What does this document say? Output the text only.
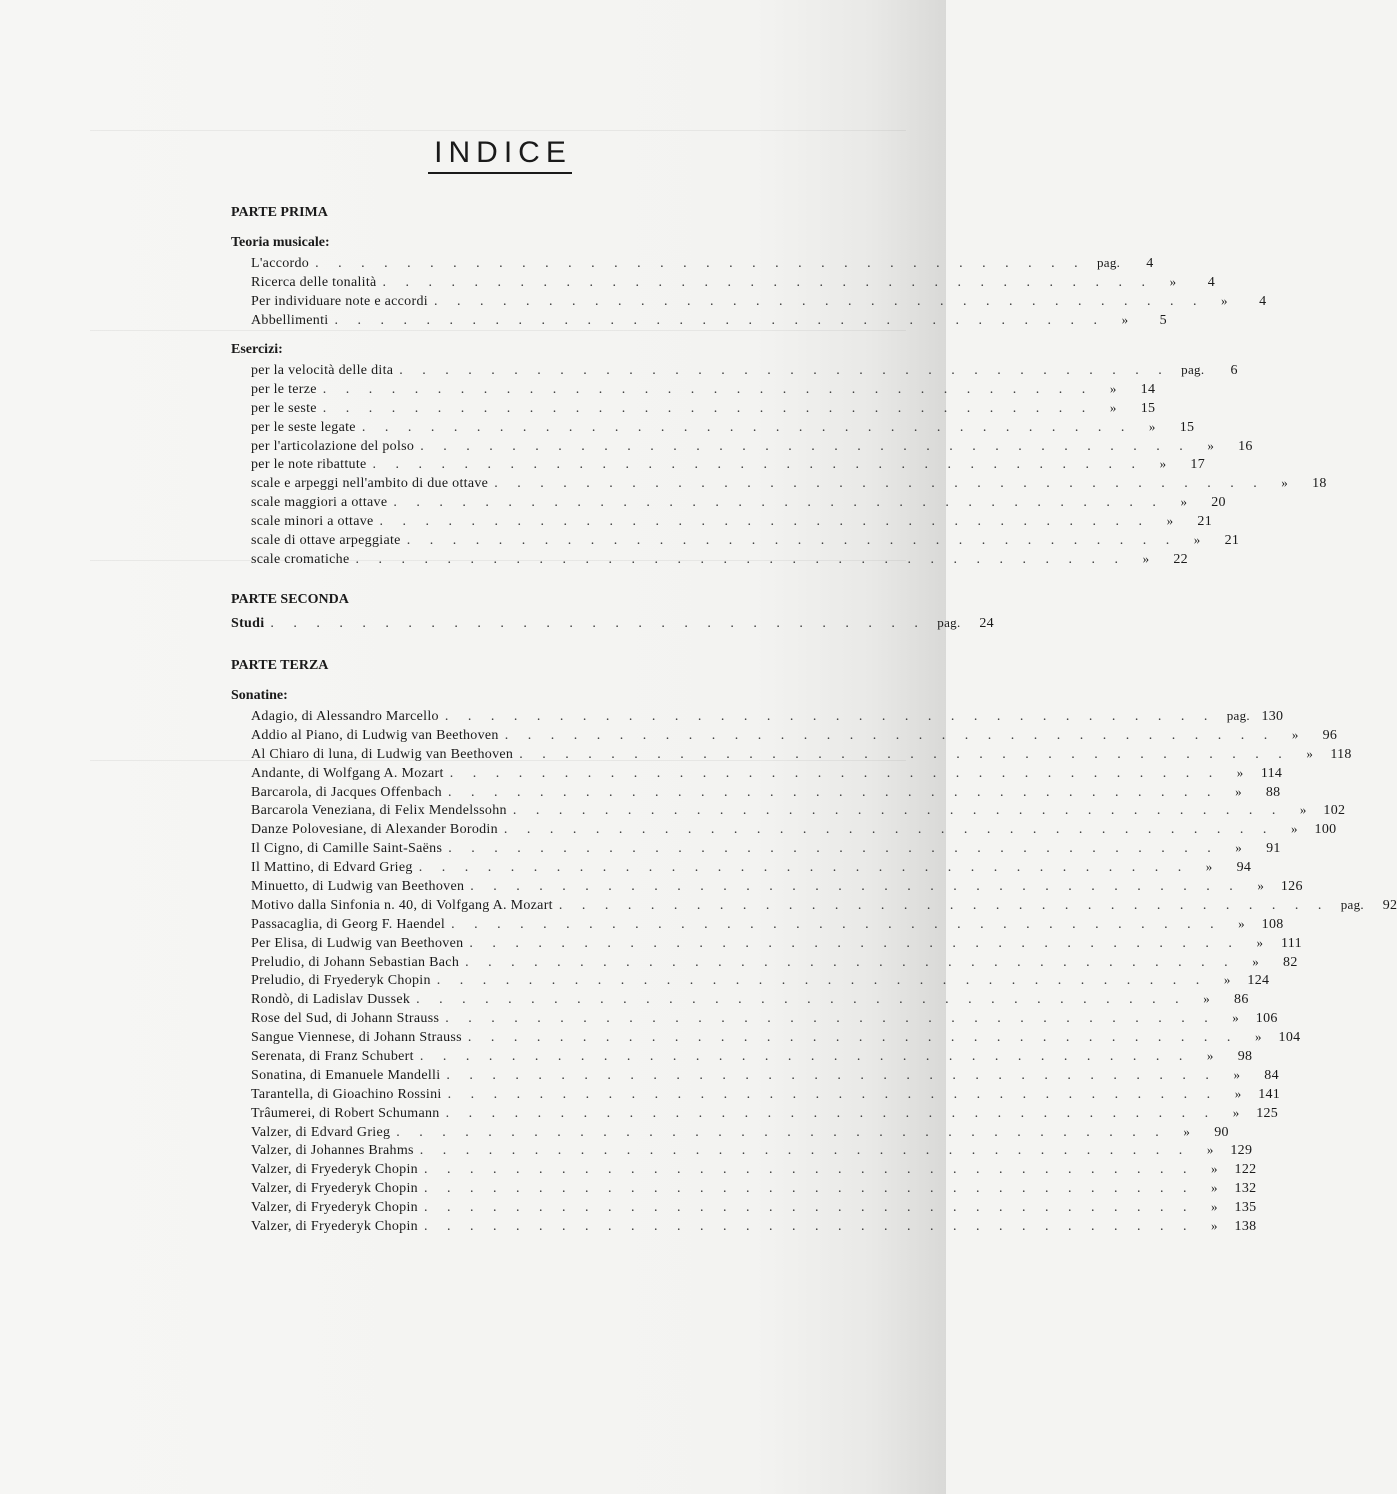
INDICE
PARTE PRIMA
Teoria musicale:
L'accordo . . . . . . . . . . . . . . . . . . . . . . . . . . . . . . . . . . pag.	4
Ricerca delle tonalità . . . . . . . . . . . . . . . . . . . . . . . . . . . . . . . . . .	»	4
Per individuare note e accordi . . . . . . . . . . . . . . . . . . . . . . . . . . . . . . . . . .	»	4
Abbellimenti . . . . . . . . . . . . . . . . . . . . . . . . . . . . . . . . . .	»	5
Esercizi:
per la velocità delle dita . . . . . . . . . . . . . . . . . . . . . . . . . . . . . . . . . . pag.	6
per le terze . . . . . . . . . . . . . . . . . . . . . . . . . . . . . . . . . .	»	14
per le seste . . . . . . . . . . . . . . . . . . . . . . . . . . . . . . . . . .	»	15
per le seste legate . . . . . . . . . . . . . . . . . . . . . . . . . . . . . . . . . .	»	15
per l'articolazione del polso . . . . . . . . . . . . . . . . . . . . . . . . . . . . . . . . . .	»	16
per le note ribattute . . . . . . . . . . . . . . . . . . . . . . . . . . . . . . . . . .	»	17
scale e arpeggi nell'ambito di due ottave . . . . . . . . . . . . . . . . . . . . . . . . . . . . . . . . . .	»	18
scale maggiori a ottave . . . . . . . . . . . . . . . . . . . . . . . . . . . . . . . . . .	»	20
scale minori a ottave . . . . . . . . . . . . . . . . . . . . . . . . . . . . . . . . . .	»	21
scale di ottave arpeggiate . . . . . . . . . . . . . . . . . . . . . . . . . . . . . . . . . .	»	21
scale cromatiche . . . . . . . . . . . . . . . . . . . . . . . . . . . . . . . . . .	»	22
PARTE SECONDA
Studi . . . . . . . . . . . . . . . . . . . . . . . . . . . . . pag.	24
PARTE TERZA
Sonatine:
Adagio, di Alessandro Marcello . . . . . . . . . . . . . . . . . . . . . . . . . . . . . . . . . . pag. 130
Addio al Piano, di Ludwig van Beethoven . . . . . . . . . . . . . . . . . . . . . . . . . . . . . . . . . .	»	96
Al Chiaro di luna, di Ludwig van Beethoven . . . . . . . . . . . . . . . . . . . . . . . . . . . . . . . . . .	»	118
Andante, di Wolfgang A. Mozart . . . . . . . . . . . . . . . . . . . . . . . . . . . . . . . . . .	»	114
Barcarola, di Jacques Offenbach . . . . . . . . . . . . . . . . . . . . . . . . . . . . . . . . . .	»	88
Barcarola Veneziana, di Felix Mendelssohn . . . . . . . . . . . . . . . . . . . . . . . . . . . . . . . . . .	»	102
Danze Polovesiane, di Alexander Borodin . . . . . . . . . . . . . . . . . . . . . . . . . . . . . . . . . .	»	100
Il Cigno, di Camille Saint-Saëns . . . . . . . . . . . . . . . . . . . . . . . . . . . . . . . . . .	»	91
Il Mattino, di Edvard Grieg . . . . . . . . . . . . . . . . . . . . . . . . . . . . . . . . . .	»	94
Minuetto, di Ludwig van Beethoven . . . . . . . . . . . . . . . . . . . . . . . . . . . . . . . . . .	»	126
Motivo dalla Sinfonia n. 40, di Volfgang A. Mozart . . . . . . . . . . . . . . . . . . . . . . . . . . . . . . . . . . pag.	92
Passacaglia, di Georg F. Haendel . . . . . . . . . . . . . . . . . . . . . . . . . . . . . . . . . .	»	108
Per Elisa, di Ludwig van Beethoven . . . . . . . . . . . . . . . . . . . . . . . . . . . . . . . . . .	»	111
Preludio, di Johann Sebastian Bach . . . . . . . . . . . . . . . . . . . . . . . . . . . . . . . . . .	»	82
Preludio, di Fryederyk Chopin . . . . . . . . . . . . . . . . . . . . . . . . . . . . . . . . . .	»	124
Rondò, di Ladislav Dussek . . . . . . . . . . . . . . . . . . . . . . . . . . . . . . . . . .	»	86
Rose del Sud, di Johann Strauss . . . . . . . . . . . . . . . . . . . . . . . . . . . . . . . . . .	»	106
Sangue Viennese, di Johann Strauss . . . . . . . . . . . . . . . . . . . . . . . . . . . . . . . . . .	»	104
Serenata, di Franz Schubert . . . . . . . . . . . . . . . . . . . . . . . . . . . . . . . . . .	»	98
Sonatina, di Emanuele Mandelli . . . . . . . . . . . . . . . . . . . . . . . . . . . . . . . . . .	»	84
Tarantella, di Gioachino Rossini . . . . . . . . . . . . . . . . . . . . . . . . . . . . . . . . . .	»	141
Trâumerei, di Robert Schumann . . . . . . . . . . . . . . . . . . . . . . . . . . . . . . . . . .	»	125
Valzer, di Edvard Grieg . . . . . . . . . . . . . . . . . . . . . . . . . . . . . . . . . .	»	90
Valzer, di Johannes Brahms . . . . . . . . . . . . . . . . . . . . . . . . . . . . . . . . . .	»	129
Valzer, di Fryederyk Chopin . . . . . . . . . . . . . . . . . . . . . . . . . . . . . . . . . .	»	122
Valzer, di Fryederyk Chopin . . . . . . . . . . . . . . . . . . . . . . . . . . . . . . . . . .	»	132
Valzer, di Fryederyk Chopin . . . . . . . . . . . . . . . . . . . . . . . . . . . . . . . . . .	»	135
Valzer, di Fryederyk Chopin . . . . . . . . . . . . . . . . . . . . . . . . . . . . . . . . . .	»	138
